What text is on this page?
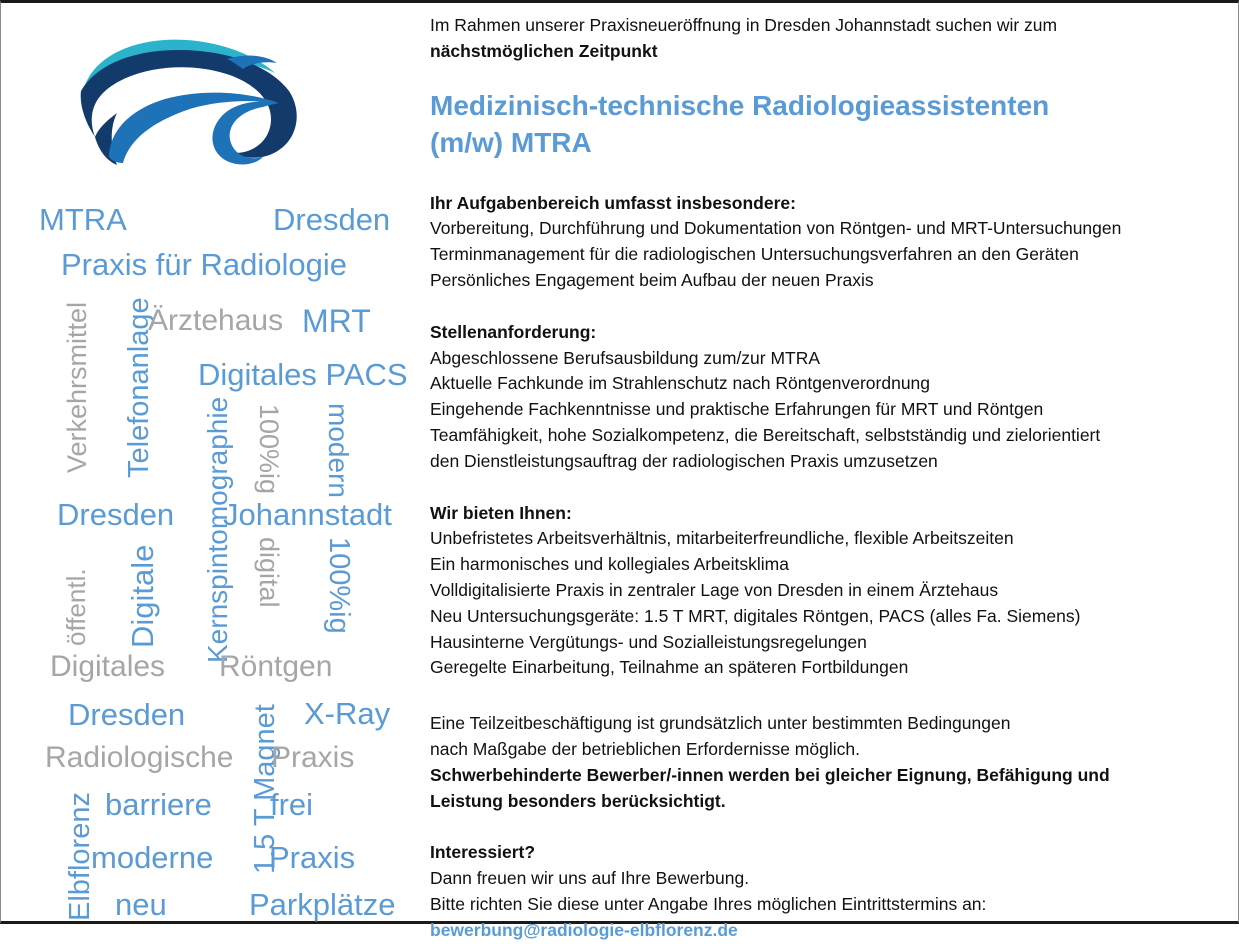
MTRA	Dresden
Praxis für Radiologie
Verkehrsmittel Telefonanlage
Ärztehaus MRT
Digitales PACS
Kernspintomographie 100%ig modern
Dresden Johannstadt
öffentl. Digitale	digital 100%ig
Digitales Röntgen
Dresden	X-Ray
1.5 T Magnet
Radiologische Praxis
Elbflorenz barriere frei
moderne Praxis
neu	Parkplätze
Im Rahmen unserer Praxisneueröffnung in Dresden Johannstadt suchen wir zum
nächstmöglichen Zeitpunkt
Medizinisch-technische Radiologieassistenten
(m/w) MTRA
Ihr Aufgabenbereich umfasst insbesondere:
Vorbereitung, Durchführung und Dokumentation von Röntgen- und MRT-Untersuchungen
Terminmanagement für die radiologischen Untersuchungsverfahren an den Geräten
Persönliches Engagement beim Aufbau der neuen Praxis
Stellenanforderung:
Abgeschlossene Berufsausbildung zum/zur MTRA
Aktuelle Fachkunde im Strahlenschutz nach Röntgenverordnung
Eingehende Fachkenntnisse und praktische Erfahrungen für MRT und Röntgen
Teamfähigkeit, hohe Sozialkompetenz, die Bereitschaft, selbstständig und zielorientiert
den Dienstleistungsauftrag der radiologischen Praxis umzusetzen
Wir bieten Ihnen:
Unbefristetes Arbeitsverhältnis, mitarbeiterfreundliche, flexible Arbeitszeiten
Ein harmonisches und kollegiales Arbeitsklima
Volldigitalisierte Praxis in zentraler Lage von Dresden in einem Ärztehaus
Neu Untersuchungsgeräte: 1.5 T MRT, digitales Röntgen, PACS (alles Fa. Siemens)
Hausinterne Vergütungs- und Sozialleistungsregelungen
Geregelte Einarbeitung, Teilnahme an späteren Fortbildungen
Eine Teilzeitbeschäftigung ist grundsätzlich unter bestimmten Bedingungen
nach Maßgabe der betrieblichen Erfordernisse möglich.
Schwerbehinderte Bewerber/-innen werden bei gleicher Eignung, Befähigung und
Leistung besonders berücksichtigt.
Interessiert?
Dann freuen wir uns auf Ihre Bewerbung.
Bitte richten Sie diese unter Angabe Ihres möglichen Eintrittstermins an:
bewerbung@radiologie-elbflorenz.de
